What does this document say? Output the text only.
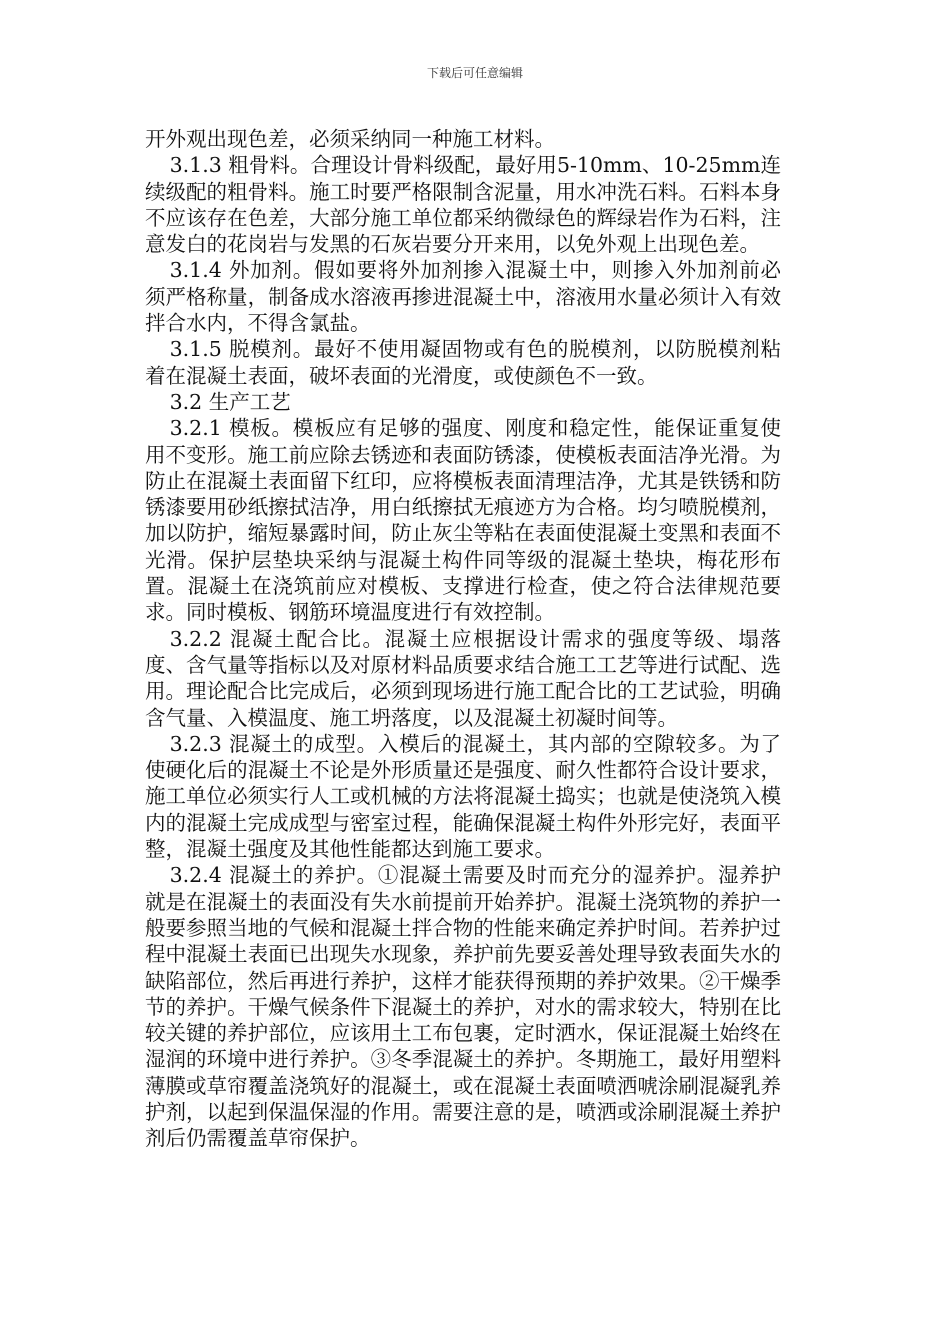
下载后可任意编辑

开外观出现色差，必须采纳同一种施工材料。

3.1.3 粗骨料。合理设计骨料级配，最好用5-10mm、10-25mm连续级配的粗骨料。施工时要严格限制含泥量，用水冲洗石料。石料本身不应该存在色差，大部分施工单位都采纳微绿色的辉绿岩作为石料，注意发白的花岗岩与发黑的石灰岩要分开来用，以免外观上出现色差。

3.1.4 外加剂。假如要将外加剂掺入混凝土中，则掺入外加剂前必须严格称量，制备成水溶液再掺进混凝土中，溶液用水量必须计入有效拌合水内，不得含氯盐。

3.1.5 脱模剂。最好不使用凝固物或有色的脱模剂，以防脱模剂粘着在混凝土表面，破坏表面的光滑度，或使颜色不一致。

3.2 生产工艺

3.2.1 模板。模板应有足够的强度、刚度和稳定性，能保证重复使用不变形。施工前应除去锈迹和表面防锈漆，使模板表面洁净光滑。为防止在混凝土表面留下红印，应将模板表面清理洁净，尤其是铁锈和防锈漆要用砂纸擦拭洁净，用白纸擦拭无痕迹方为合格。均匀喷脱模剂，加以防护，缩短暴露时间，防止灰尘等粘在表面使混凝土变黑和表面不光滑。保护层垫块采纳与混凝土构件同等级的混凝土垫块，梅花形布置。混凝土在浇筑前应对模板、支撑进行检查，使之符合法律规范要求。同时模板、钢筋环境温度进行有效控制。

3.2.2 混凝土配合比。混凝土应根据设计需求的强度等级、塌落度、含气量等指标以及对原材料品质要求结合施工工艺等进行试配、选用。理论配合比完成后，必须到现场进行施工配合比的工艺试验，明确含气量、入模温度、施工坍落度，以及混凝土初凝时间等。

3.2.3 混凝土的成型。入模后的混凝土，其内部的空隙较多。为了使硬化后的混凝土不论是外形质量还是强度、耐久性都符合设计要求，施工单位必须实行人工或机械的方法将混凝土捣实；也就是使浇筑入模内的混凝土完成成型与密室过程，能确保混凝土构件外形完好，表面平整，混凝土强度及其他性能都达到施工要求。

3.2.4 混凝土的养护。①混凝土需要及时而充分的湿养护。湿养护就是在混凝土的表面没有失水前提前开始养护。混凝土浇筑物的养护一般要参照当地的气候和混凝土拌合物的性能来确定养护时间。若养护过程中混凝土表面已出现失水现象，养护前先要妥善处理导致表面失水的缺陷部位，然后再进行养护，这样才能获得预期的养护效果。②干燥季节的养护。干燥气候条件下混凝土的养护，对水的需求较大，特别在比较关键的养护部位，应该用土工布包裹，定时洒水，保证混凝土始终在湿润的环境中进行养护。③冬季混凝土的养护。冬期施工，最好用塑料薄膜或草帘覆盖浇筑好的混凝土，或在混凝土表面喷洒唬涂刷混凝乳养护剂，以起到保温保湿的作用。需要注意的是，喷洒或涂刷混凝土养护剂后仍需覆盖草帘保护。
